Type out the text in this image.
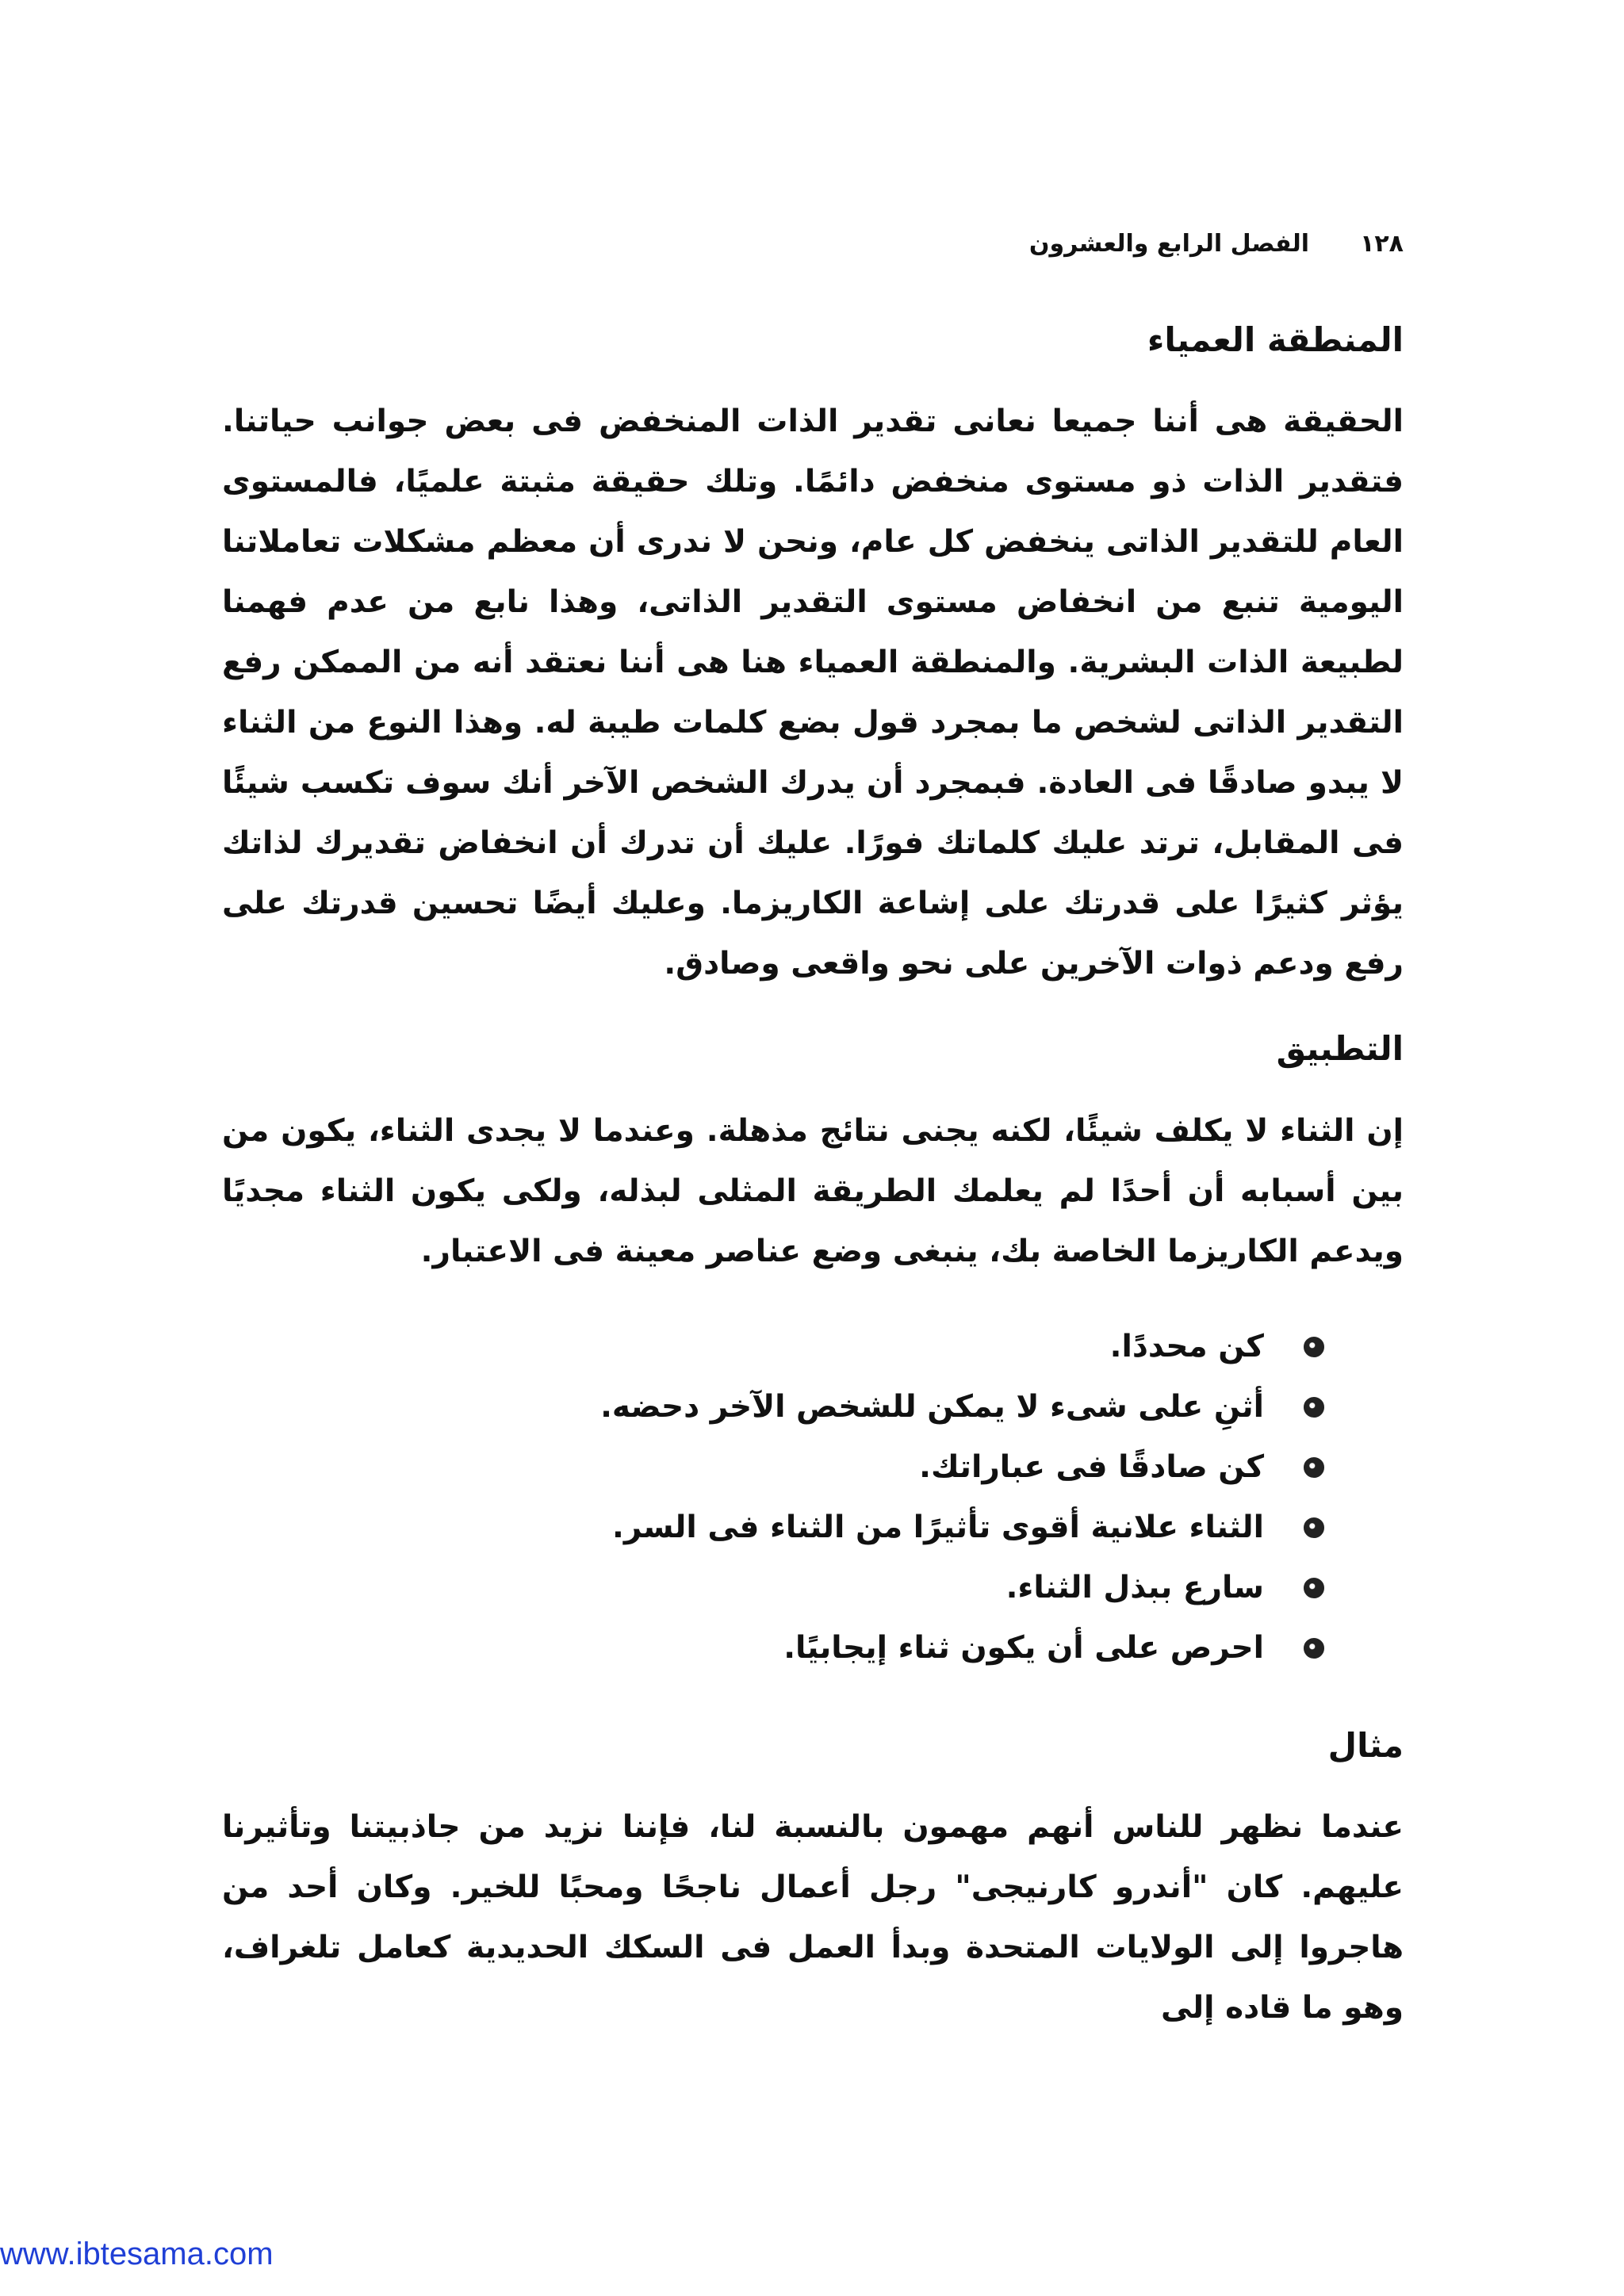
١٢٨
الفصل الرابع والعشرون
المنطقة العمياء

الحقيقة هى أننا جميعا نعانى تقدير الذات المنخفض فى بعض جوانب حياتنا. فتقدير الذات ذو مستوى منخفض دائمًا. وتلك حقيقة مثبتة علميًا، فالمستوى العام للتقدير الذاتى ينخفض كل عام، ونحن لا ندرى أن معظم مشكلات تعاملاتنا اليومية تنبع من انخفاض مستوى التقدير الذاتى، وهذا نابع من عدم فهمنا لطبيعة الذات البشرية. والمنطقة العمياء هنا هى أننا نعتقد أنه من الممكن رفع التقدير الذاتى لشخص ما بمجرد قول بضع كلمات طيبة له. وهذا النوع من الثناء لا يبدو صادقًا فى العادة. فبمجرد أن يدرك الشخص الآخر أنك سوف تكسب شيئًا فى المقابل، ترتد عليك كلماتك فورًا. عليك أن تدرك أن انخفاض تقديرك لذاتك يؤثر كثيرًا على قدرتك على إشاعة الكاريزما. وعليك أيضًا تحسين قدرتك على رفع ودعم ذوات الآخرين على نحو واقعى وصادق.

التطبيق

إن الثناء لا يكلف شيئًا، لكنه يجنى نتائج مذهلة. وعندما لا يجدى الثناء، يكون من بين أسبابه أن أحدًا لم يعلمك الطريقة المثلى لبذله، ولكى يكون الثناء مجديًا ويدعم الكاريزما الخاصة بك، ينبغى وضع عناصر معينة فى الاعتبار.

كن محددًا.
أثنِ على شىء لا يمكن للشخص الآخر دحضه.
كن صادقًا فى عباراتك.
الثناء علانية أقوى تأثيرًا من الثناء فى السر.
سارع ببذل الثناء.
احرص على أن يكون ثناء إيجابيًا.
مثال

عندما نظهر للناس أنهم مهمون بالنسبة لنا، فإننا نزيد من جاذبيتنا وتأثيرنا عليهم. كان "أندرو كارنيجى" رجل أعمال ناجحًا ومحبًا للخير. وكان أحد من هاجروا إلى الولايات المتحدة وبدأ العمل فى السكك الحديدية كعامل تلغراف، وهو ما قاده إلى

www.ibtesama.com
